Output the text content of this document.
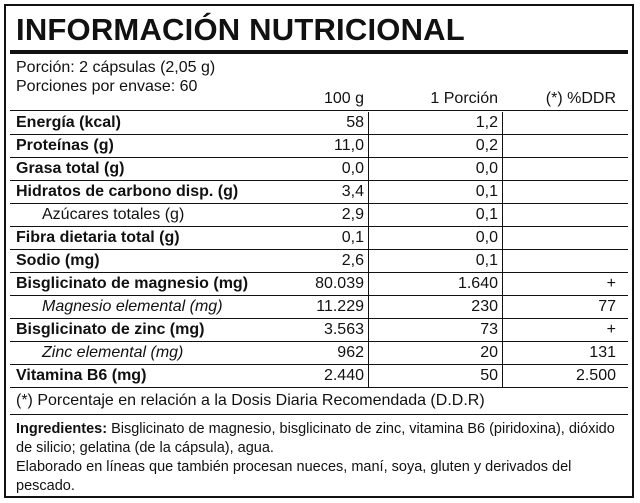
INFORMACIÓN NUTRICIONAL
Porción: 2 cápsulas (2,05 g)
Porciones por envase: 60
100 g	1 Porción	(*) %DDR
Energía (kcal)	58	1,2
Proteínas (g)	11,0	0,2
Grasa total (g)	0,0	0,0
Hidratos de carbono disp. (g)	3,4	0,1
Azúcares totales (g)	2,9	0,1
Fibra dietaria total (g)	0,1	0,0
Sodio (mg)	2,6	0,1
Bisglicinato de magnesio (mg)	80.039	1.640	+
Magnesio elemental (mg)	11.229	230	77
Bisglicinato de zinc (mg)	3.563	73	+
Zinc elemental (mg)	962	20	131
Vitamina B6 (mg)	2.440	50	2.500
(*) Porcentaje en relación a la Dosis Diaria Recomendada (D.D.R)
Ingredientes: Bisglicinato de magnesio, bisglicinato de zinc, vitamina B6 (piridoxina), dióxido de silicio; gelatina (de la cápsula), agua.
Elaborado en líneas que también procesan nueces, maní, soya, gluten y derivados del pescado.
